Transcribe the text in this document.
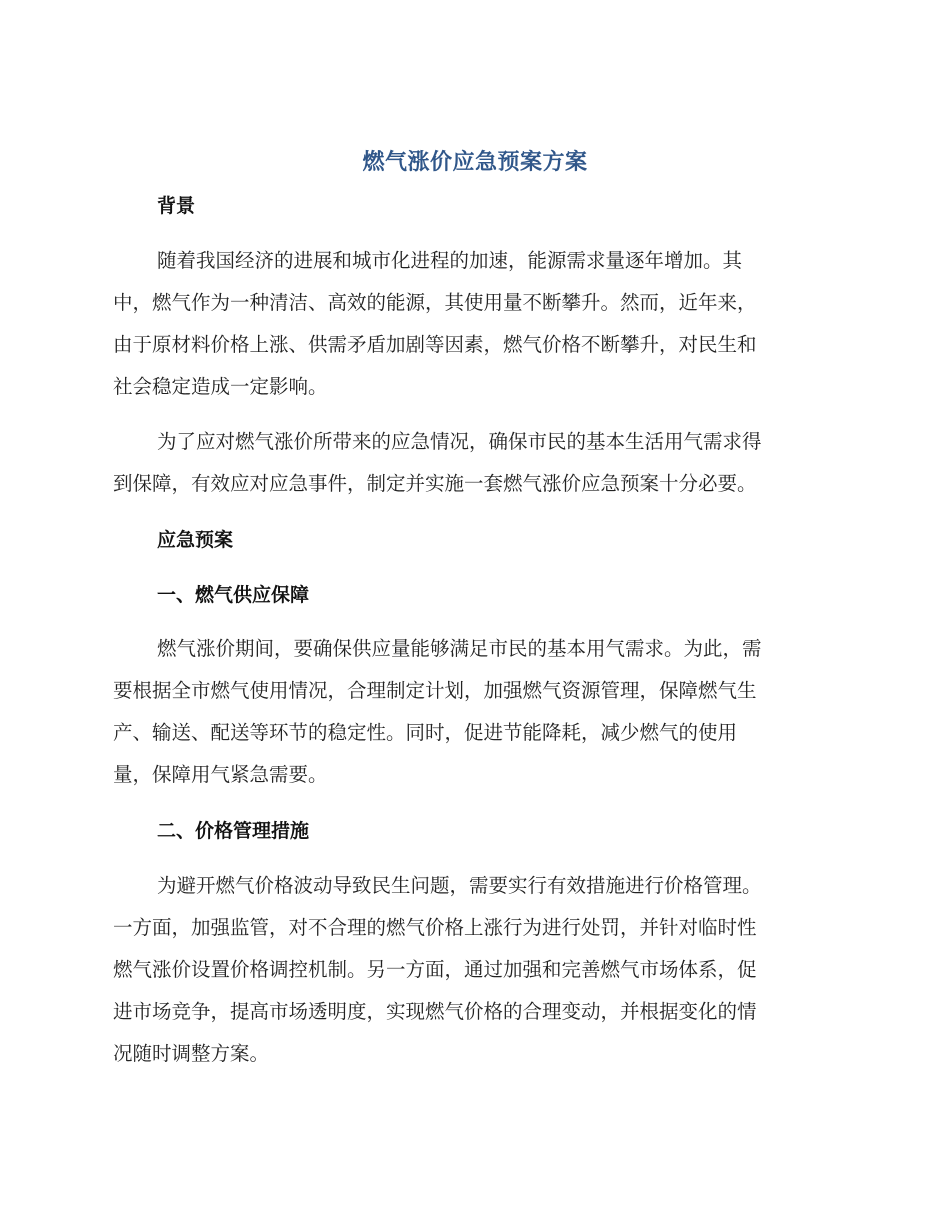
燃气涨价应急预案方案
背景
随着我国经济的进展和城市化进程的加速，能源需求量逐年增加。其
中，燃气作为一种清洁、高效的能源，其使用量不断攀升。然而，近年来，
由于原材料价格上涨、供需矛盾加剧等因素，燃气价格不断攀升，对民生和
社会稳定造成一定影响。
为了应对燃气涨价所带来的应急情况，确保市民的基本生活用气需求得
到保障，有效应对应急事件，制定并实施一套燃气涨价应急预案十分必要。
应急预案
一、燃气供应保障
燃气涨价期间，要确保供应量能够满足市民的基本用气需求。为此，需
要根据全市燃气使用情况，合理制定计划，加强燃气资源管理，保障燃气生
产、输送、配送等环节的稳定性。同时，促进节能降耗，减少燃气的使用
量，保障用气紧急需要。
二、价格管理措施
为避开燃气价格波动导致民生问题，需要实行有效措施进行价格管理。
一方面，加强监管，对不合理的燃气价格上涨行为进行处罚，并针对临时性
燃气涨价设置价格调控机制。另一方面，通过加强和完善燃气市场体系，促
进市场竞争，提高市场透明度，实现燃气价格的合理变动，并根据变化的情
况随时调整方案。
